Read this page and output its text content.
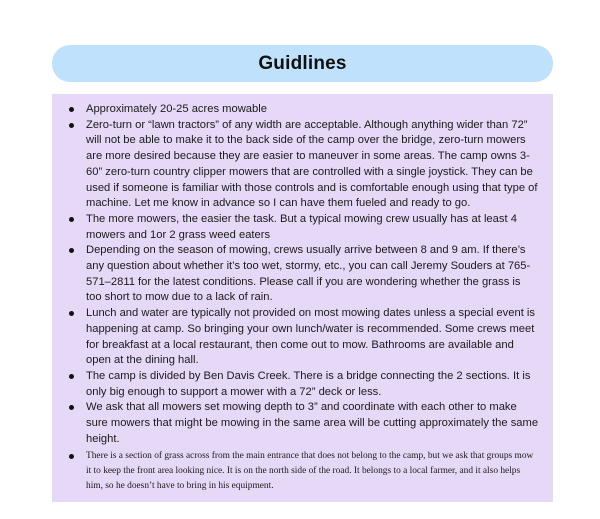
Guidlines
Approximately 20-25 acres mowable
Zero-turn or “lawn tractors” of any width are acceptable. Although anything wider than 72” will not be able to make it to the back side of the camp over the bridge, zero-turn mowers are more desired because they are easier to maneuver in some areas. The camp owns 3-60” zero-turn country clipper mowers that are controlled with a single joystick. They can be used if someone is familiar with those controls and is comfortable enough using that type of machine. Let me know in advance so I can have them fueled and ready to go.
The more mowers, the easier the task. But a typical mowing crew usually has at least 4 mowers and 1or 2 grass weed eaters
Depending on the season of mowing, crews usually arrive between 8 and 9 am. If there’s any question about whether it’s too wet, stormy, etc., you can call Jeremy Souders at 765-571–2811 for the latest conditions. Please call if you are wondering whether the grass is too short to mow due to a lack of rain.
Lunch and water are typically not provided on most mowing dates unless a special event is happening at camp. So bringing your own lunch/water is recommended. Some crews meet for breakfast at a local restaurant, then come out to mow. Bathrooms are available and open at the dining hall.
The camp is divided by Ben Davis Creek. There is a bridge connecting the 2 sections. It is only big enough to support a mower with a 72” deck or less.
We ask that all mowers set mowing depth to 3” and coordinate with each other to make sure mowers that might be mowing in the same area will be cutting approximately the same height.
There is a section of grass across from the main entrance that does not belong to the camp, but we ask that groups mow it to keep the front area looking nice. It is on the north side of the road. It belongs to a local farmer, and it also helps him, so he doesn’t have to bring in his equipment.
